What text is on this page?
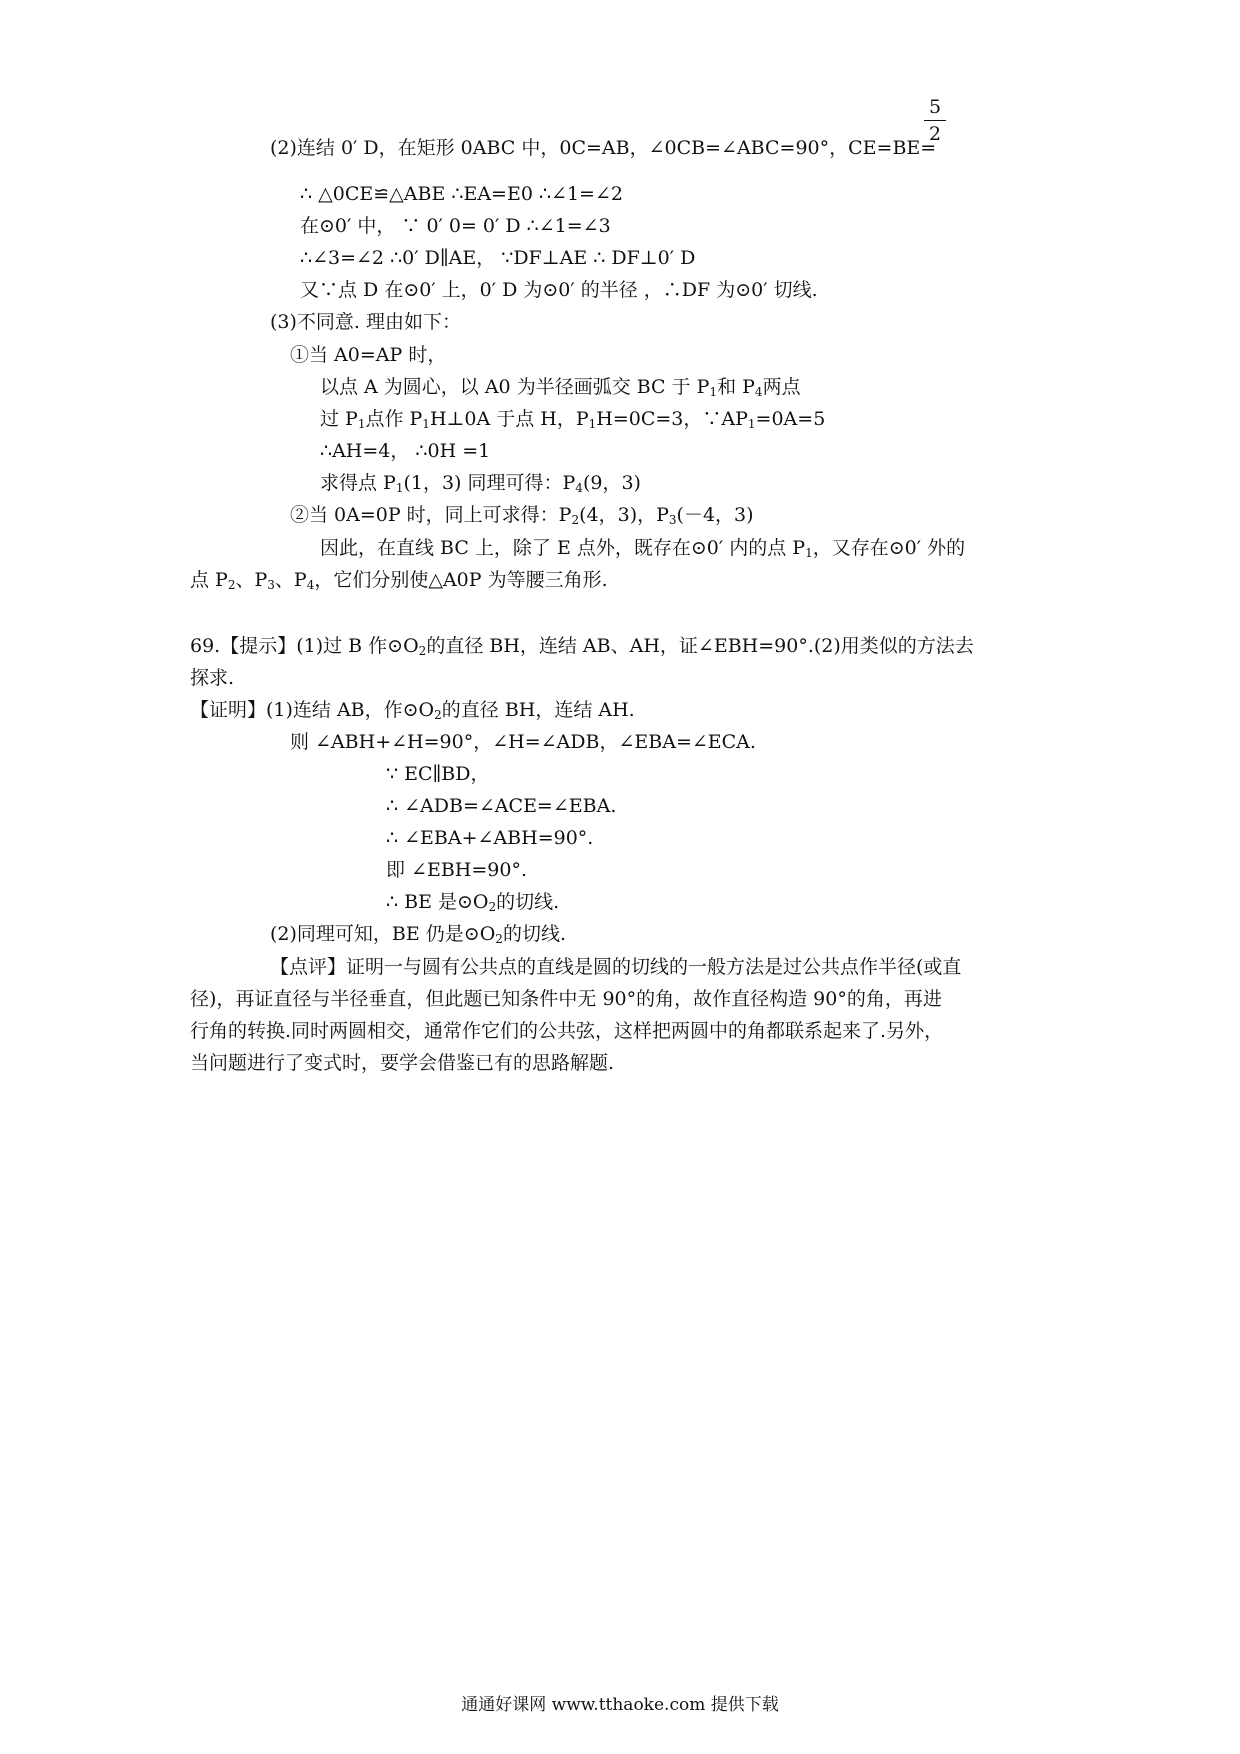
5
2
(2)连结 0′ D，在矩形 0ABC 中，0C=AB，∠0CB=∠ABC=90°，CE=BE=
∴ △0CE≌△ABE ∴EA=E0 ∴∠1=∠2
在⊙0′ 中， ∵ 0′ 0= 0′ D ∴∠1=∠3
∴∠3=∠2 ∴0′ D∥AE， ∵DF⊥AE ∴ DF⊥0′ D
又∵点 D 在⊙0′ 上，0′ D 为⊙0′ 的半径 ，∴DF 为⊙0′ 切线.
(3)不同意. 理由如下：
①当 A0=AP 时，
以点 A 为圆心，以 A0 为半径画弧交 BC 于 $P_1$和 $P_4$两点
过 $P_1$点作 $P_1H\perp 0A$ 于点 H，$P_1H=0C=3$，$\because AP_1=0A=5$
∴AH=4， ∴0H =1
求得点 $P_1(1$，3) 同理可得：$P_4(9$，3)
②当 0A=0P 时，同上可求得：$P_2(4$，3)，$P_3(-4$，3)
因此，在直线 BC 上，除了 E 点外，既存在⊙0′ 内的点 $P_1$，又存在⊙0′ 外的
点 $P_2$、$P_3$、$P_4$，它们分别使△A0P 为等腰三角形.
69.【提示】(1)过 B 作$⊙O_2$的直径 BH，连结 AB、AH，证∠EBH=90°.(2)用类似的方法去
探求.
【证明】(1)连结 AB，作$⊙O_2$的直径 BH，连结 AH.
则 ∠ABH+∠H=90°，∠H=∠ADB，∠EBA=∠ECA.
∵ EC∥BD，
∴ ∠ADB=∠ACE=∠EBA.
∴ ∠EBA+∠ABH=90°.
即 ∠EBH=90°.
∴ BE 是$⊙O_2$的切线.
(2)同理可知，BE 仍是$⊙O_2$的切线.
【点评】证明一与圆有公共点的直线是圆的切线的一般方法是过公共点作半径(或直
径)，再证直径与半径垂直，但此题已知条件中无 90°的角，故作直径构造 90°的角，再进
行角的转换.同时两圆相交，通常作它们的公共弦，这样把两圆中的角都联系起来了.另外，
当问题进行了变式时，要学会借鉴已有的思路解题.
通通好课网 www.tthaoke.com 提供下载
